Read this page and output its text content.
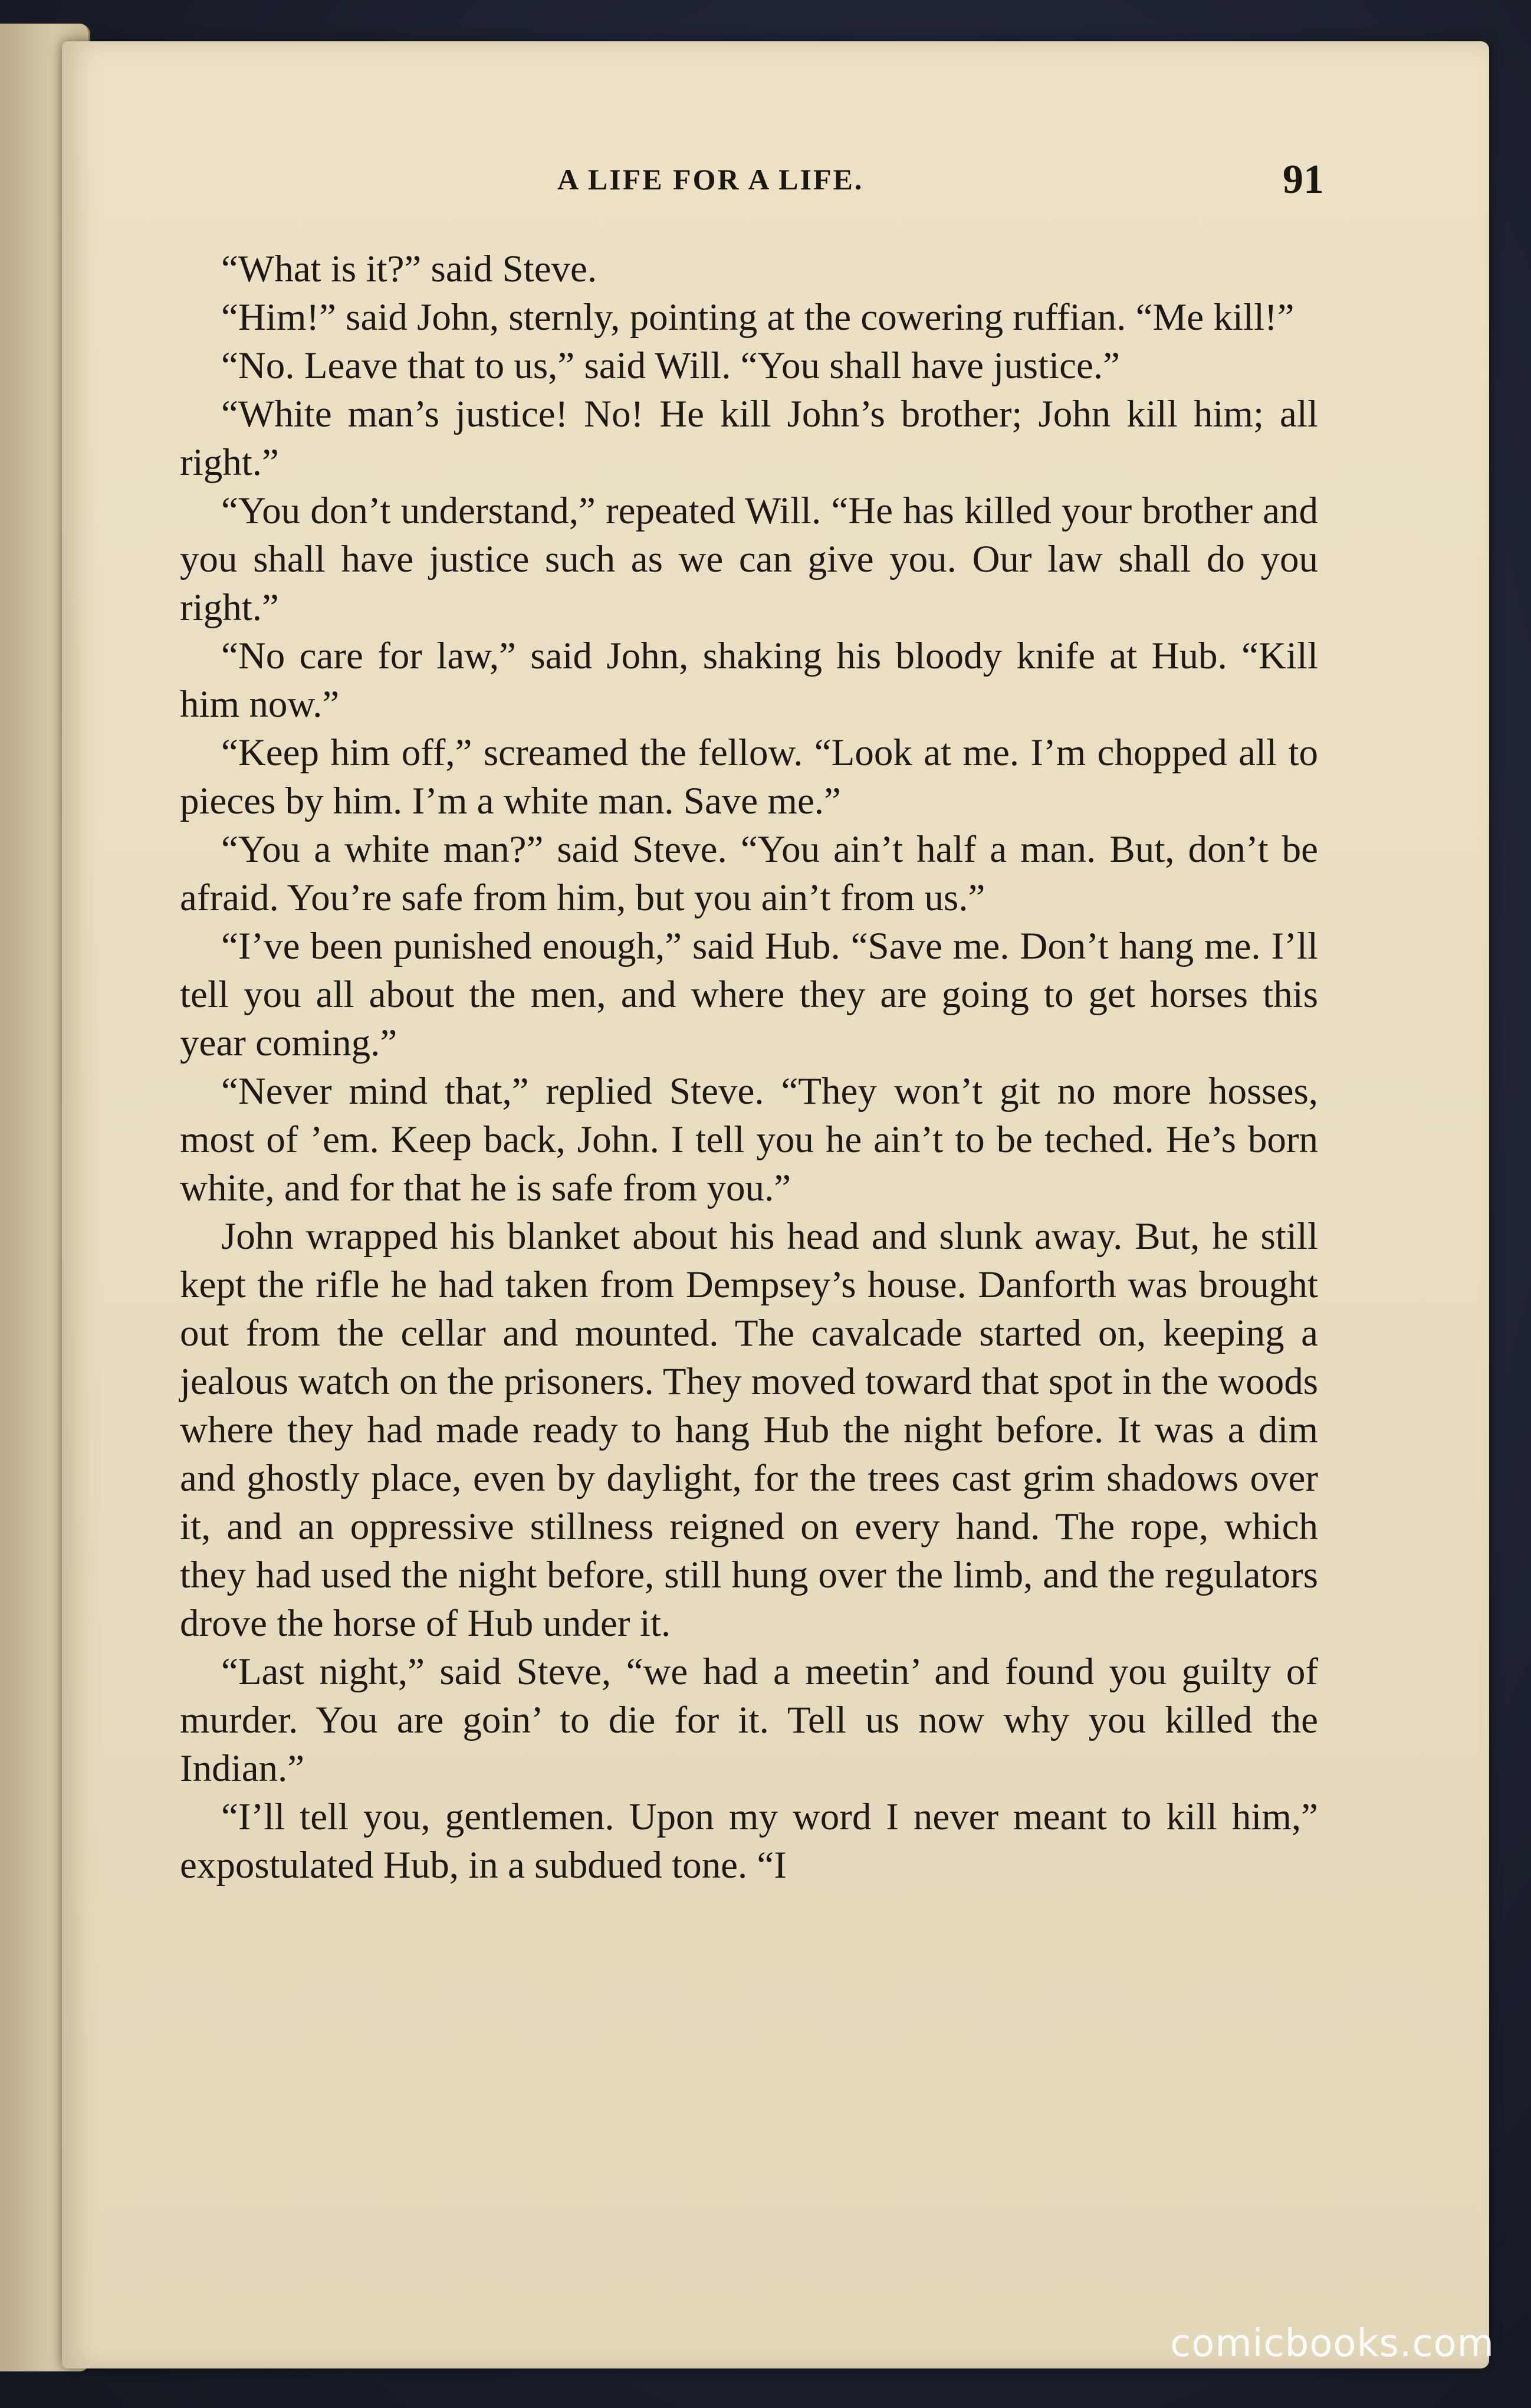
A LIFE FOR A LIFE.	91

“What is it?” said Steve.

“Him!” said John, sternly, pointing at the cowering ruffian. “Me kill!”

“No. Leave that to us,” said Will. “You shall have justice.”

“White man’s justice! No! He kill John’s brother; John kill him; all right.”

“You don’t understand,” repeated Will. “He has killed your brother and you shall have justice such as we can give you. Our law shall do you right.”

“No care for law,” said John, shaking his bloody knife at Hub. “Kill him now.”

“Keep him off,” screamed the fellow. “Look at me. I’m chopped all to pieces by him. I’m a white man. Save me.”

“You a white man?” said Steve. “You ain’t half a man. But, don’t be afraid. You’re safe from him, but you ain’t from us.”

“I’ve been punished enough,” said Hub. “Save me. Don’t hang me. I’ll tell you all about the men, and where they are going to get horses this year coming.”

“Never mind that,” replied Steve. “They won’t git no more hosses, most of ’em. Keep back, John. I tell you he ain’t to be teched. He’s born white, and for that he is safe from you.”

John wrapped his blanket about his head and slunk away. But, he still kept the rifle he had taken from Dempsey’s house. Danforth was brought out from the cellar and mounted. The cavalcade started on, keeping a jealous watch on the prisoners. They moved toward that spot in the woods where they had made ready to hang Hub the night before. It was a dim and ghostly place, even by daylight, for the trees cast grim shadows over it, and an oppressive stillness reigned on every hand. The rope, which they had used the night before, still hung over the limb, and the regulators drove the horse of Hub under it.

“Last night,” said Steve, “we had a meetin’ and found you guilty of murder. You are goin’ to die for it. Tell us now why you killed the Indian.”

“I’ll tell you, gentlemen. Upon my word I never meant to kill him,” expostulated Hub, in a subdued tone. “I

comicbooks.com
